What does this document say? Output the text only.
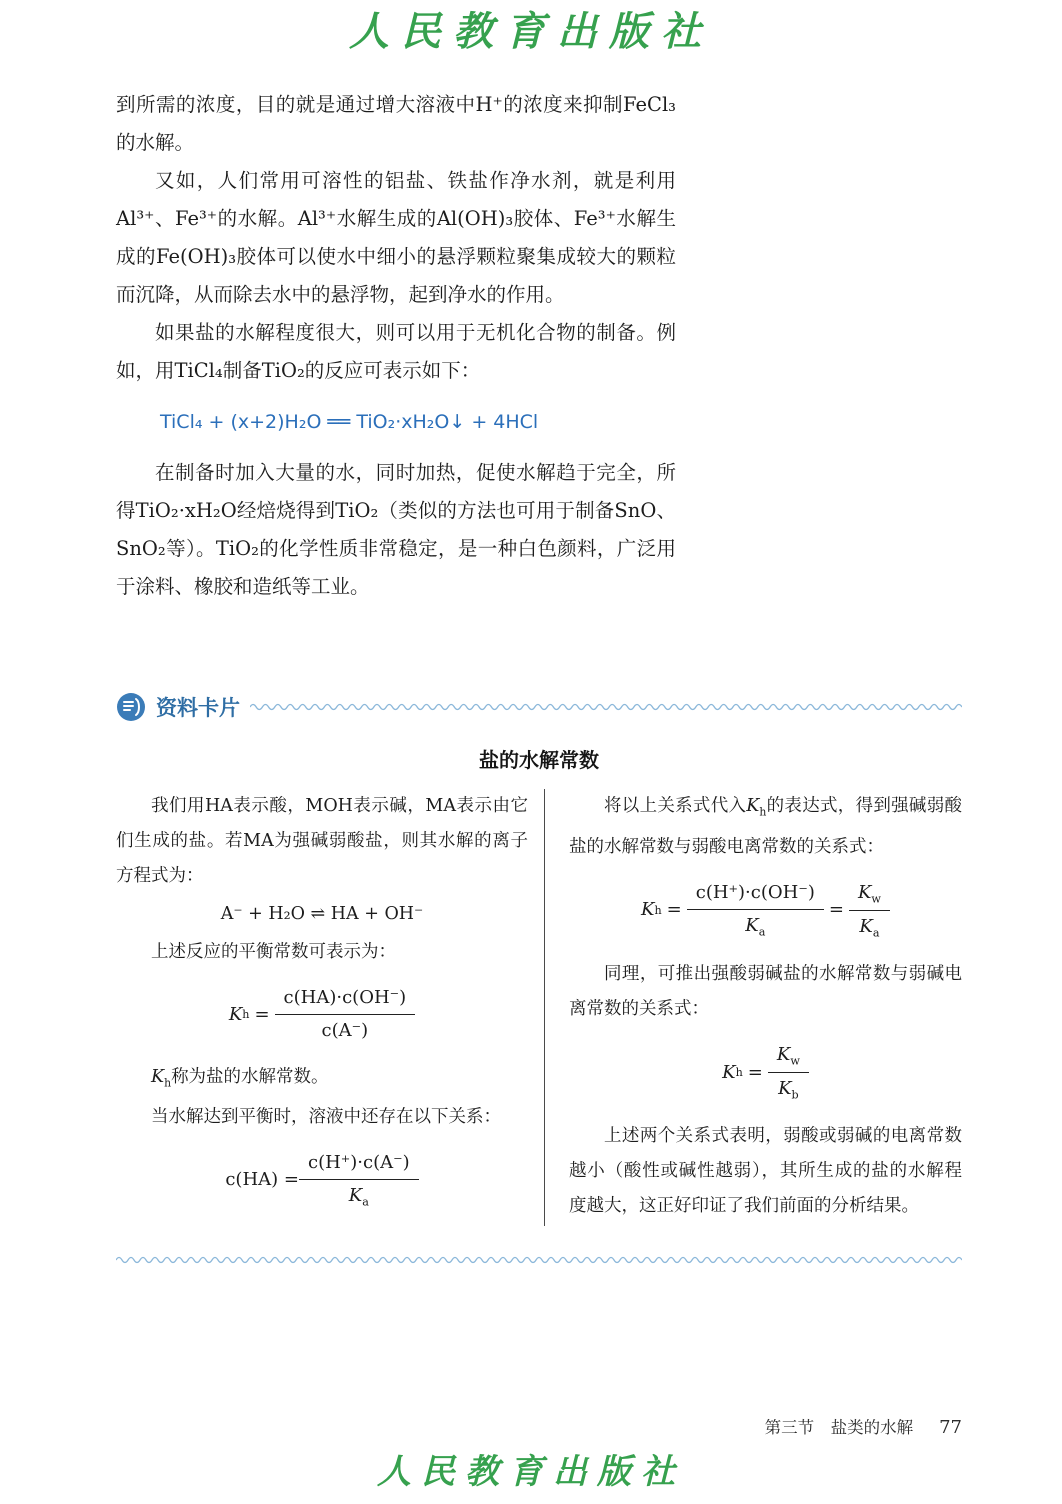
人民教育出版社

到所需的浓度，目的就是通过增大溶液中H⁺的浓度来抑制FeCl₃的水解。

又如，人们常用可溶性的铝盐、铁盐作净水剂，就是利用Al³⁺、Fe³⁺的水解。Al³⁺水解生成的Al(OH)₃胶体、Fe³⁺水解生成的Fe(OH)₃胶体可以使水中细小的悬浮颗粒聚集成较大的颗粒而沉降，从而除去水中的悬浮物，起到净水的作用。

如果盐的水解程度很大，则可以用于无机化合物的制备。例如，用TiCl₄制备TiO₂的反应可表示如下：

TiCl₄ + (x+2)H₂O ══ TiO₂·xH₂O↓ + 4HCl

在制备时加入大量的水，同时加热，促使水解趋于完全，所得TiO₂·xH₂O经焙烧得到TiO₂（类似的方法也可用于制备SnO、SnO₂等）。TiO₂的化学性质非常稳定，是一种白色颜料，广泛用于涂料、橡胶和造纸等工业。

资料卡片
盐的水解常数

我们用HA表示酸，MOH表示碱，MA表示由它们生成的盐。若MA为强碱弱酸盐，则其水解的离子方程式为：

A⁻ + H₂O ⇌ HA + OH⁻

上述反应的平衡常数可表示为：

K $h = \frac{c(HA)\cdot c(OH^-)}{c(A^-)}$

$K_h$称为盐的水解常数。

当水解达到平衡时，溶液中还存在以下关系：

$c(HA) = \frac{c(H^+)\cdot c(A^-)}{K_a}$

将以上关系式代入$K_h$的表达式，得到强碱弱酸盐的水解常数与弱酸电离常数的关系式：

K $h = \frac{c(H^+)\cdot c(OH^-)}{K_a} = \frac{K_w}{K_a}$

同理，可推出强酸弱碱盐的水解常数与弱碱电离常数的关系式：

K $h = \frac{K_w}{K_b}$

上述两个关系式表明，弱酸或弱碱的电离常数越小（酸性或碱性越弱），其所生成的盐的水解程度越大，这正好印证了我们前面的分析结果。

第三节　盐类的水解 77
人民教育出版社
